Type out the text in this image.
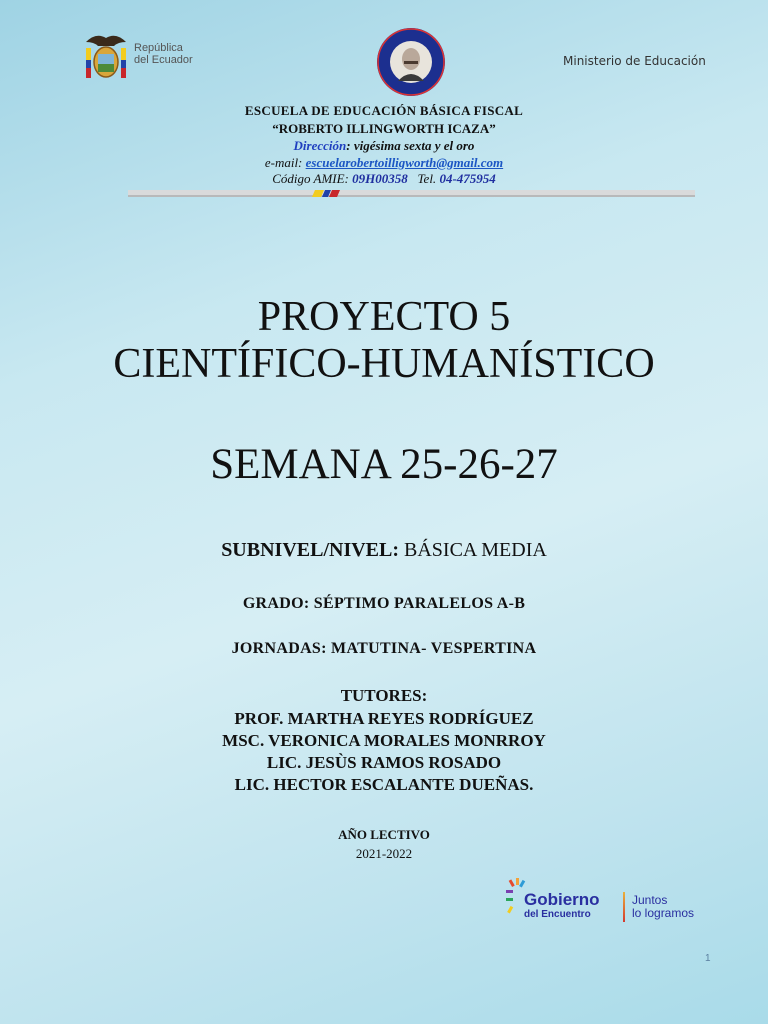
República
del Ecuador	Ministerio de Educación
ESCUELA DE EDUCACIÓN BÁSICA FISCAL
“ROBERTO ILLINGWORTH ICAZA”
Dirección: vigésima sexta y el oro
e-mail: escuelarobertoilligworth@gmail.com
Código AMIE: 09H00358 Tel. 04-475954
PROYECTO 5
CIENTÍFICO-HUMANÍSTICO
SEMANA 25-26-27
SUBNIVEL/NIVEL: BÁSICA MEDIA
GRADO: SÉPTIMO PARALELOS A-B
JORNADAS: MATUTINA- VESPERTINA
TUTORES:
PROF. MARTHA REYES RODRÍGUEZ
MSC. VERONICA MORALES MONRROY
LIC. JESÙS RAMOS ROSADO
LIC. HECTOR ESCALANTE DUEÑAS.
AÑO LECTIVO
2021-2022
Gobierno
del Encuentro
Juntos
lo logramos
1
